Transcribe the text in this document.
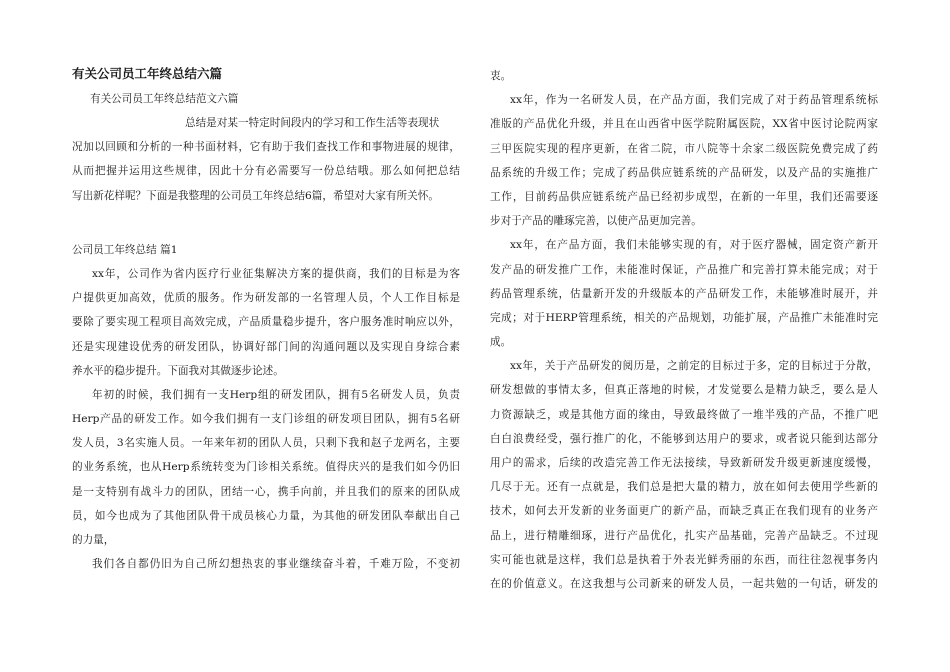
有关公司员工年终总结六篇
有关公司员工年终总结范文六篇
总结是对某一特定时间段内的学习和工作生活等表现状
况加以回顾和分析的一种书面材料，它有助于我们查找工作和事物进展的规律，
从而把握并运用这些规律，因此十分有必需要写一份总结哦。那么如何把总结
写出新花样呢？下面是我整理的公司员工年终总结6篇，希望对大家有所关怀。
公司员工年终总结 篇1
xx年，公司作为省内医疗行业征集解决方案的提供商，我们的目标是为客
户提供更加高效，优质的服务。作为研发部的一名管理人员，个人工作目标是
要除了要实现工程项目高效完成，产品质量稳步提升，客户服务准时响应以外，
还是实现建设优秀的研发团队，协调好部门间的沟通问题以及实现自身综合素
养水平的稳步提升。下面我对其做逐步论述。
年初的时候，我们拥有一支Herp组的研发团队，拥有5名研发人员，负责
Herp产品的研发工作。如今我们拥有一支门诊组的研发项目团队，拥有5名研
发人员，3名实施人员。一年来年初的团队人员，只剩下我和赵子龙两名，主要
的业务系统，也从Herp系统转变为门诊相关系统。值得庆兴的是我们如今仍旧
是一支特别有战斗力的团队，团结一心，携手向前，并且我们的原来的团队成
员，如今也成为了其他团队骨干成员核心力量，为其他的研发团队奉献出自己
的力量，
我们各自都仍旧为自己所幻想热衷的事业继续奋斗着，千难万险，不变初
衷。
xx年，作为一名研发人员，在产品方面，我们完成了对于药品管理系统标
准版的产品优化升级，并且在山西省中医学院附属医院，XX省中医讨论院两家
三甲医院实现的程序更新，在省二院，市八院等十余家二级医院免费完成了药
品系统的升级工作；完成了药品供应链系统的产品研发，以及产品的实施推广
工作，目前药品供应链系统产品已经初步成型，在新的一年里，我们还需要逐
步对于产品的雕琢完善，以使产品更加完善。
xx年，在产品方面，我们未能够实现的有，对于医疗器械，固定资产新开
发产品的研发推广工作，未能准时保证，产品推广和完善打算未能完成；对于
药品管理系统，估量新开发的升级版本的产品研发工作，未能够准时展开，并
完成；对于HERP管理系统，相关的产品规划，功能扩展，产品推广未能准时完
成。
xx年，关于产品研发的阅历是，之前定的目标过于多，定的目标过于分散，
研发想做的事情太多，但真正落地的时候，才发觉要么是精力缺乏，要么是人
力资源缺乏，或是其他方面的缘由，导致最终做了一堆半残的产品，不推广吧
白白浪费经受，强行推广的化，不能够到达用户的要求，或者说只能到达部分
用户的需求，后续的改造完善工作无法接续，导致新研发升级更新速度缓慢，
几尽于无。还有一点就是，我们总是把大量的精力，放在如何去使用学些新的
技术，如何去开发新的业务面更广的新产品，而缺乏真正在我们现有的业务产
品上，进行精雕细琢，进行产品优化，扎实产品基础，完善产品缺乏。不过现
实可能也就是这样，我们总是执着于外表光鲜秀丽的东西，而往往忽视事务内
在的价值意义。在这我想与公司新来的研发人员，一起共勉的一句话，研发的
